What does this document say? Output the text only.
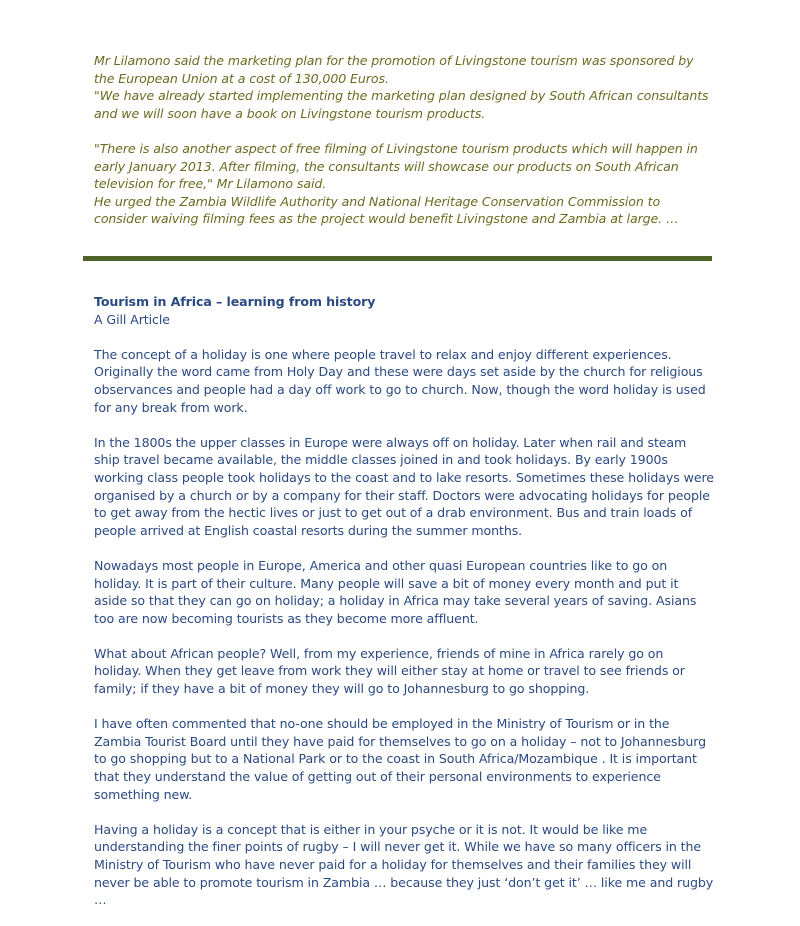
Mr Lilamono said the marketing plan for the promotion of Livingstone tourism was sponsored by the European Union at a cost of 130,000 Euros.

"We have already started implementing the marketing plan designed by South African consultants and we will soon have a book on Livingstone tourism products.

"There is also another aspect of free filming of Livingstone tourism products which will happen in early January 2013. After filming, the consultants will showcase our products on South African television for free," Mr Lilamono said.

He urged the Zambia Wildlife Authority and National Heritage Conservation Commission to consider waiving filming fees as the project would benefit Livingstone and Zambia at large. …

Tourism in Africa – learning from history

A Gill Article

The concept of a holiday is one where people travel to relax and enjoy different experiences. Originally the word came from Holy Day and these were days set aside by the church for religious observances and people had a day off work to go to church. Now, though the word holiday is used for any break from work.

In the 1800s the upper classes in Europe were always off on holiday. Later when rail and steam ship travel became available, the middle classes joined in and took holidays. By early 1900s working class people took holidays to the coast and to lake resorts. Sometimes these holidays were organised by a church or by a company for their staff. Doctors were advocating holidays for people to get away from the hectic lives or just to get out of a drab environment. Bus and train loads of people arrived at English coastal resorts during the summer months.

Nowadays most people in Europe, America and other quasi European countries like to go on holiday. It is part of their culture. Many people will save a bit of money every month and put it aside so that they can go on holiday; a holiday in Africa may take several years of saving. Asians too are now becoming tourists as they become more affluent.

What about African people? Well, from my experience, friends of mine in Africa rarely go on holiday. When they get leave from work they will either stay at home or travel to see friends or family; if they have a bit of money they will go to Johannesburg to go shopping.

I have often commented that no-one should be employed in the Ministry of Tourism or in the Zambia Tourist Board until they have paid for themselves to go on a holiday – not to Johannesburg to go shopping but to a National Park or to the coast in South Africa/Mozambique . It is important that they understand the value of getting out of their personal environments to experience something new.

Having a holiday is a concept that is either in your psyche or it is not. It would be like me understanding the finer points of rugby – I will never get it. While we have so many officers in the Ministry of Tourism who have never paid for a holiday for themselves and their families they will never be able to promote tourism in Zambia … because they just ‘don’t get it’ … like me and rugby …
